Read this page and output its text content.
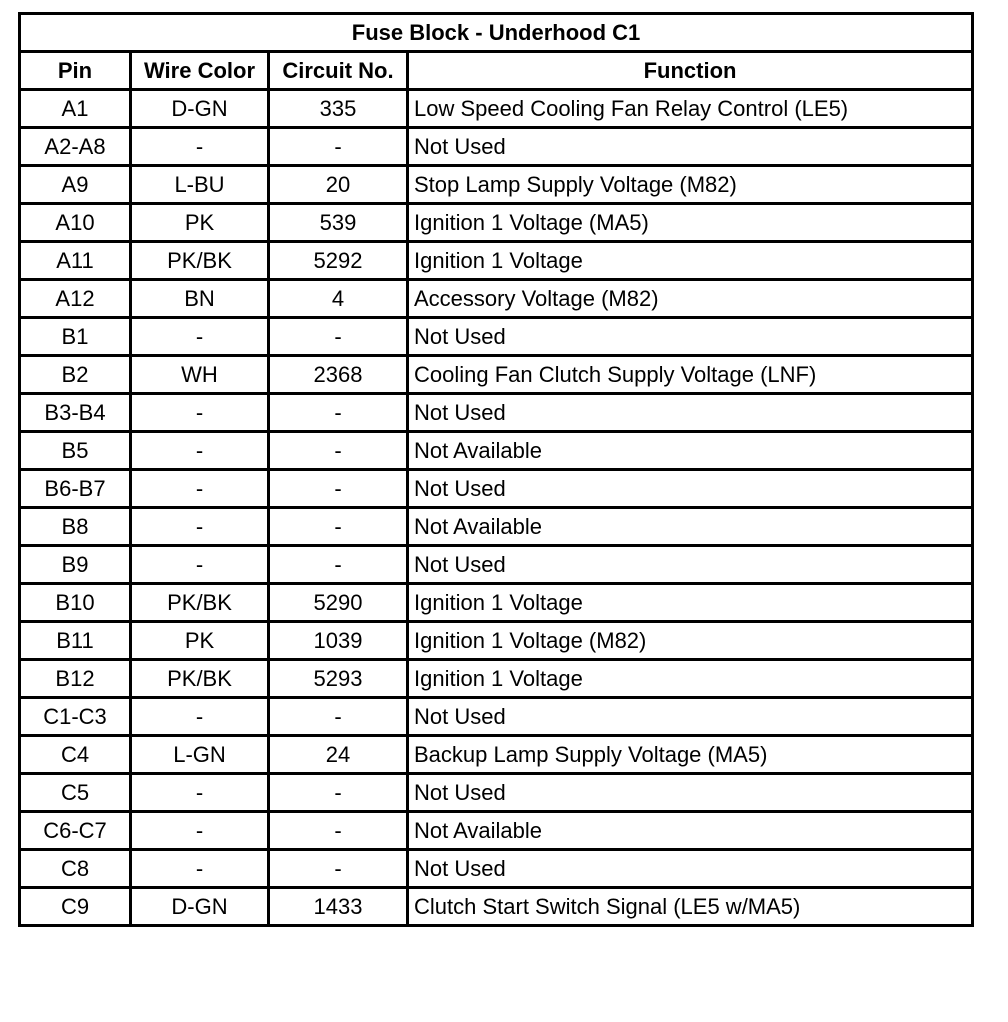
Fuse Block - Underhood C1			
Pin	Wire Color	Circuit No.	Function
A1	D-GN	335	Low Speed Cooling Fan Relay Control (LE5)
A2-A8	-	-	Not Used
A9	L-BU	20	Stop Lamp Supply Voltage (M82)
A10	PK	539	Ignition 1 Voltage (MA5)
A11	PK/BK	5292	Ignition 1 Voltage
A12	BN	4	Accessory Voltage (M82)
B1	-	-	Not Used
B2	WH	2368	Cooling Fan Clutch Supply Voltage (LNF)
B3-B4	-	-	Not Used
B5	-	-	Not Available
B6-B7	-	-	Not Used
B8	-	-	Not Available
B9	-	-	Not Used
B10	PK/BK	5290	Ignition 1 Voltage
B11	PK	1039	Ignition 1 Voltage (M82)
B12	PK/BK	5293	Ignition 1 Voltage
C1-C3	-	-	Not Used
C4	L-GN	24	Backup Lamp Supply Voltage (MA5)
C5	-	-	Not Used
C6-C7	-	-	Not Available
C8	-	-	Not Used
C9	D-GN	1433	Clutch Start Switch Signal (LE5 w/MA5)
